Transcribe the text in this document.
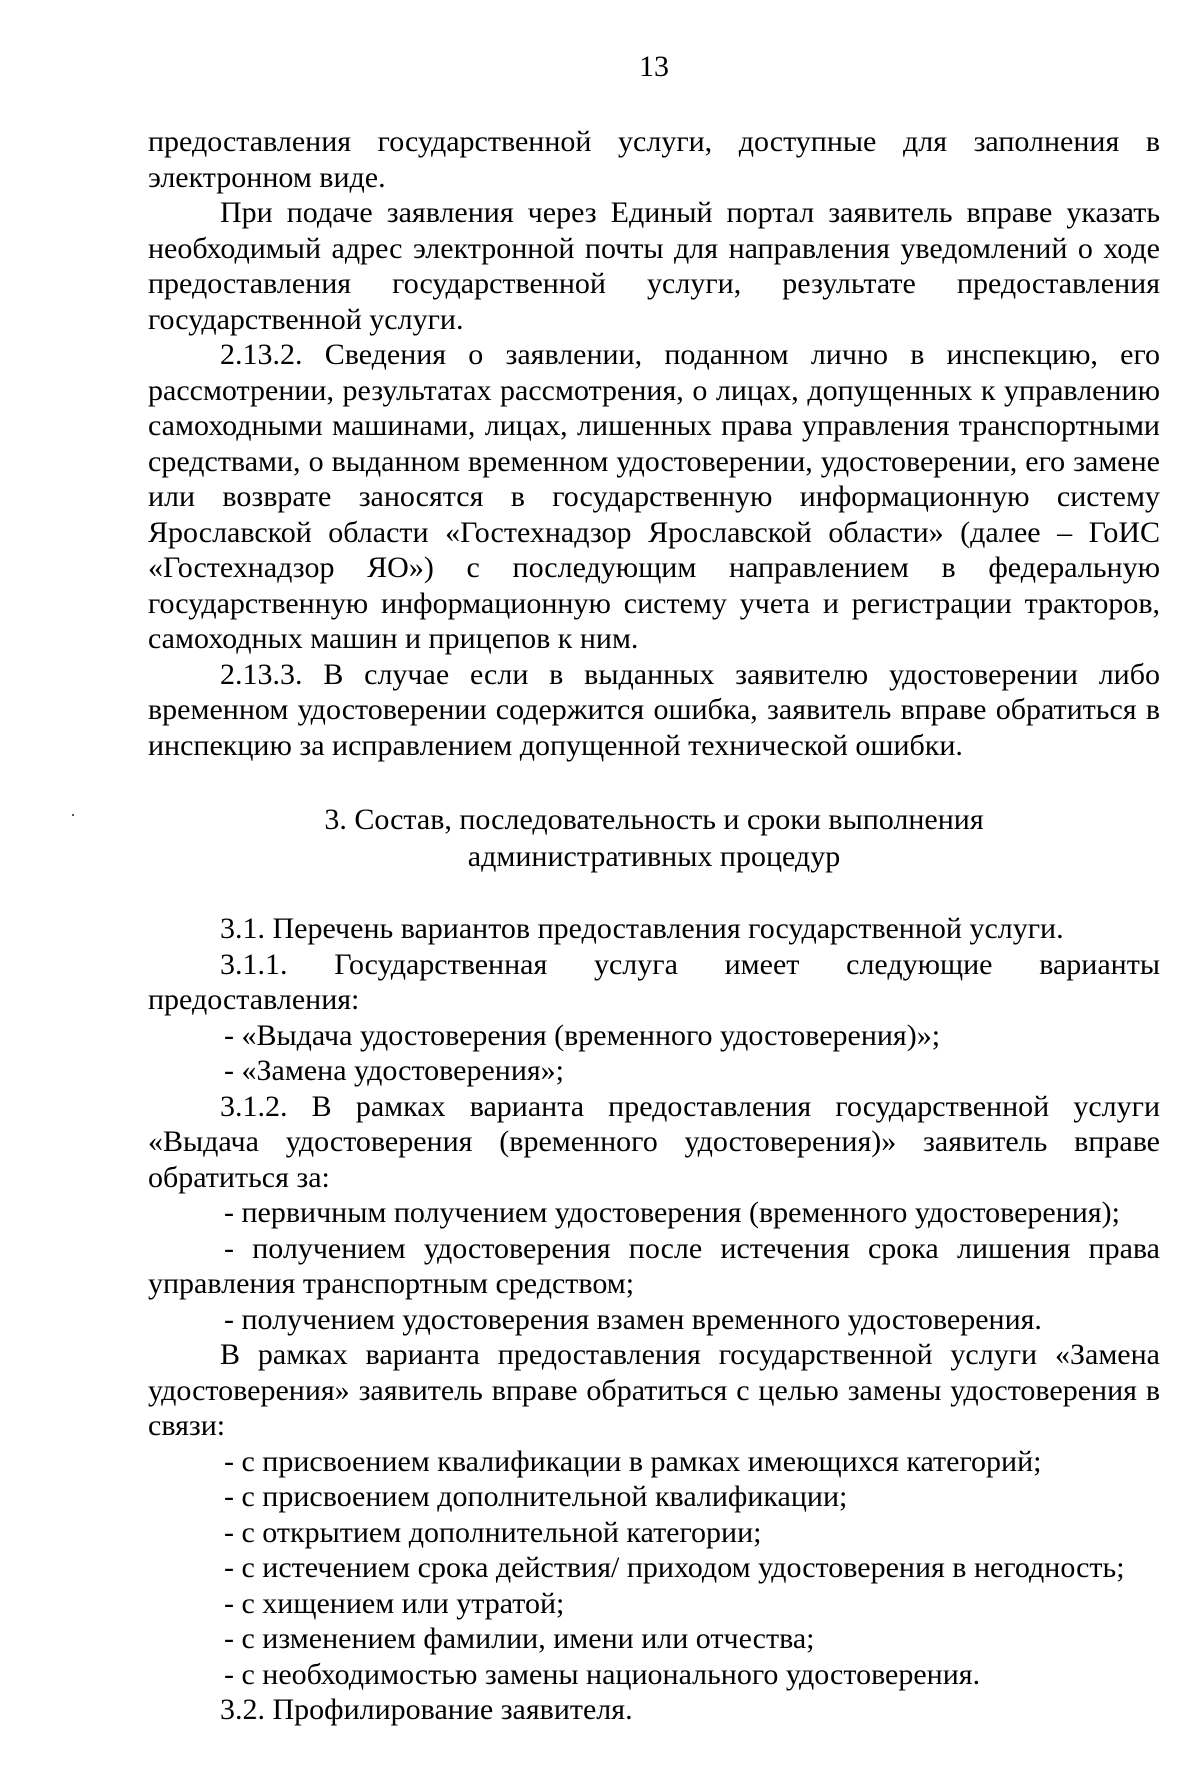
13

предоставления государственной услуги, доступные для заполнения в электронном виде.

При подаче заявления через Единый портал заявитель вправе указать необходимый адрес электронной почты для направления уведомлений о ходе предоставления государственной услуги, результате предоставления государственной услуги.

2.13.2. Сведения о заявлении, поданном лично в инспекцию, его рассмотрении, результатах рассмотрения, о лицах, допущенных к управлению самоходными машинами, лицах, лишенных права управления транспортными средствами, о выданном временном удостоверении, удостоверении, его замене или возврате заносятся в государственную информационную систему Ярославской области «Гостехнадзор Ярославской области» (далее – ГоИС «Гостехнадзор ЯО») с последующим направлением в федеральную государственную информационную систему учета и регистрации тракторов, самоходных машин и прицепов к ним.

2.13.3. В случае если в выданных заявителю удостоверении либо временном удостоверении содержится ошибка, заявитель вправе обратиться в инспекцию за исправлением допущенной технической ошибки.

3. Состав, последовательность и сроки выполнения
административных процедур

3.1. Перечень вариантов предоставления государственной услуги.

3.1.1. Государственная услуга имеет следующие варианты предоставления:

- «Выдача удостоверения (временного удостоверения)»;

- «Замена удостоверения»;

3.1.2. В рамках варианта предоставления государственной услуги «Выдача удостоверения (временного удостоверения)» заявитель вправе обратиться за:

- первичным получением удостоверения (временного удостоверения);

- получением удостоверения после истечения срока лишения права управления транспортным средством;

- получением удостоверения взамен временного удостоверения.

В рамках варианта предоставления государственной услуги «Замена удостоверения» заявитель вправе обратиться с целью замены удостоверения в связи:

- с присвоением квалификации в рамках имеющихся категорий;

- с присвоением дополнительной квалификации;

- с открытием дополнительной категории;

- с истечением срока действия/ приходом удостоверения в негодность;

- с хищением или утратой;

- с изменением фамилии, имени или отчества;

- с необходимостью замены национального удостоверения.

3.2. Профилирование заявителя.
